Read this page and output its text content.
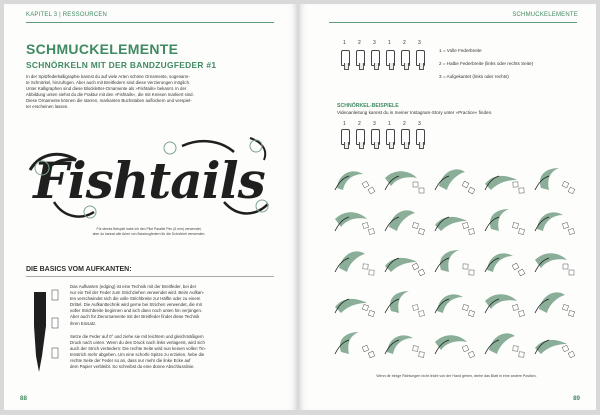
KAPITEL 3 | RESSOURCEN
SCHMUCKELEMENTE
SCHNÖRKELN MIT DER BANDZUGFEDER #1
In der Spitzfederkalligraphie kannst du auf viele Arten schöne Ornamente, sogenann-
te Schnörkel, hinzufügen. Aber auch mit Breitfedern sind diese Verzierungen möglich.
Unter Kalligraphen sind diese Blockletter-Ornamente als »Fishtails« bekannt. In der
Abbildung unten siehst du die Fraktur mit den »Fishtails«, die mit Kreisen markiert sind.
Diese Ornamente können die starren, markanten Buchstaben auflockern und verspiel-
ter erscheinen lassen.
Fishtails
Für dieses Beispiel habe ich den Pilot Parallel Pen (6 mm) verwendet,
aber du kannst alle Arten von Bandzugfedern für die Schnörkel verwenden.
DIE BASICS VOM AUFKANTEN:
Das Aufkanten (edging) ist eine Technik mit der Breitfeder, bei der
nur ein Teil der Feder zum Strichziehen verwendet wird. Beim Aufkan-
ten verschwindet sich die volle Strichbreite zur Hälfte oder zu einem
Drittel. Die Aufkanttechnik wird gerne bei Strichen verwendet, die mit
voller Strichbreite beginnen und sich dann noch unten hin verjüngen.
Aber auch für Zierornamente mit der Breitfeder findet diese Technik
ihren Einsatz.
Setze die Feder auf 0° und ziehe sie mit leichtem und gleichmäßigem
Druck nach unten. Wenn du den Druck nach links verlagerst, wird sich
auch der Strich verändern: Die rechte Seite wird nun keinen vollen Tin-
tenstrich mehr abgeben. Um eine schorfe Spitze zu erzielen, hebe die
rechte Seite der Feder so an, dass nur mehr die linke Ecke auf
dem Papier verbleibt. So schreibst du eine dünne Abschlusslinie.
88
SCHMUCKELEMENTE
1 2 3 1 2 3
1 = Volle Federbreite
2 = Halbe Federbreite (links oder rechts Seite)
3 = Aufgekantet (links oder rechts)
SCHNÖRKEL-BEISPIELE
Videoanleitung kannst du in meiner Instagram-Story unter »Practice« finden.
1 2 3 1 2 3
Wenn dir einige Richtungen nicht leicht von der Hand gehen, drehe das Blatt in eine andere Position.
89
